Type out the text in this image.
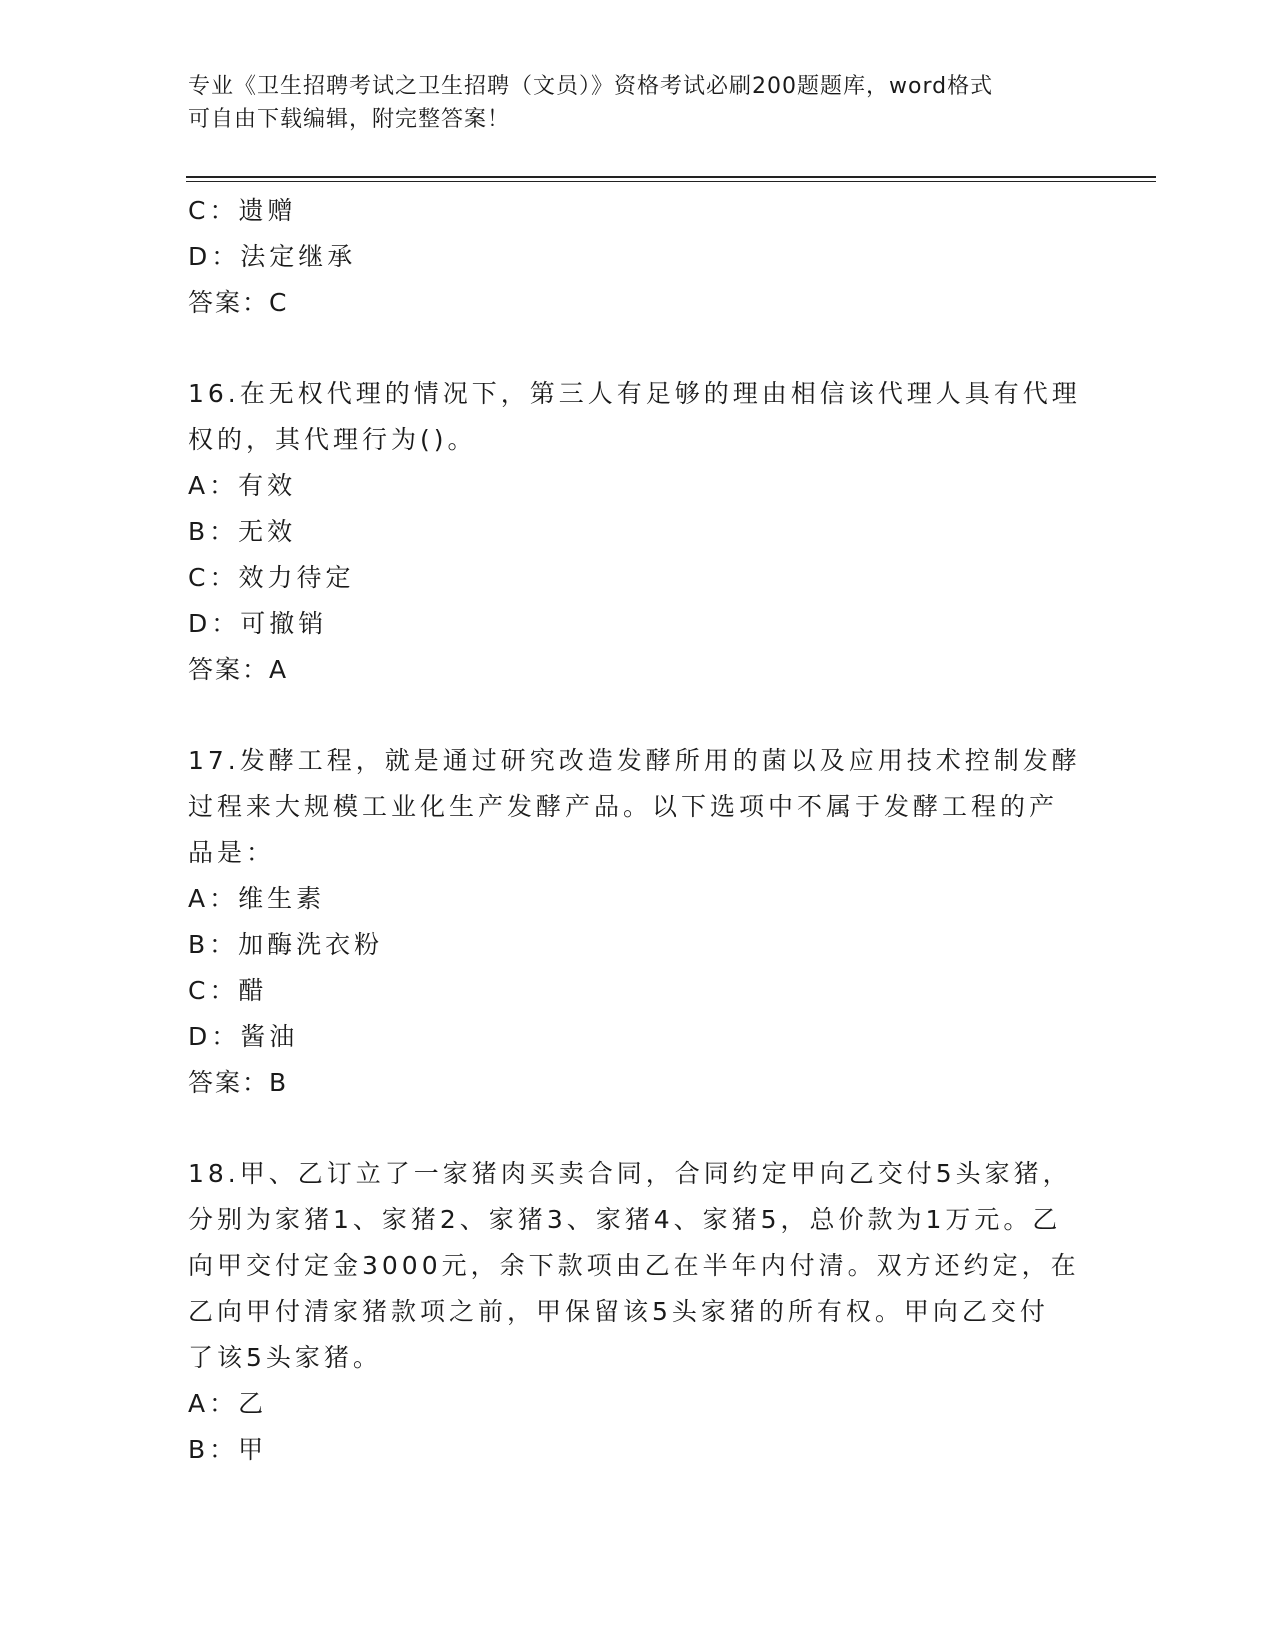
专业《卫生招聘考试之卫生招聘（文员）》资格考试必刷200题题库，word格式
可自由下载编辑，附完整答案！
C：遗赠
D：法定继承
答案：C
16.在无权代理的情况下，第三人有足够的理由相信该代理人具有代理
权的，其代理行为()。
A：有效
B：无效
C：效力待定
D：可撤销
答案：A
17.发酵工程，就是通过研究改造发酵所用的菌以及应用技术控制发酵
过程来大规模工业化生产发酵产品。以下选项中不属于发酵工程的产
品是：
A：维生素
B：加酶洗衣粉
C：醋
D：酱油
答案：B
18.甲、乙订立了一家猪肉买卖合同，合同约定甲向乙交付5头家猪，
分别为家猪1、家猪2、家猪3、家猪4、家猪5，总价款为1万元。乙
向甲交付定金3000元，余下款项由乙在半年内付清。双方还约定，在
乙向甲付清家猪款项之前，甲保留该5头家猪的所有权。甲向乙交付
了该5头家猪。
A：乙
B：甲
